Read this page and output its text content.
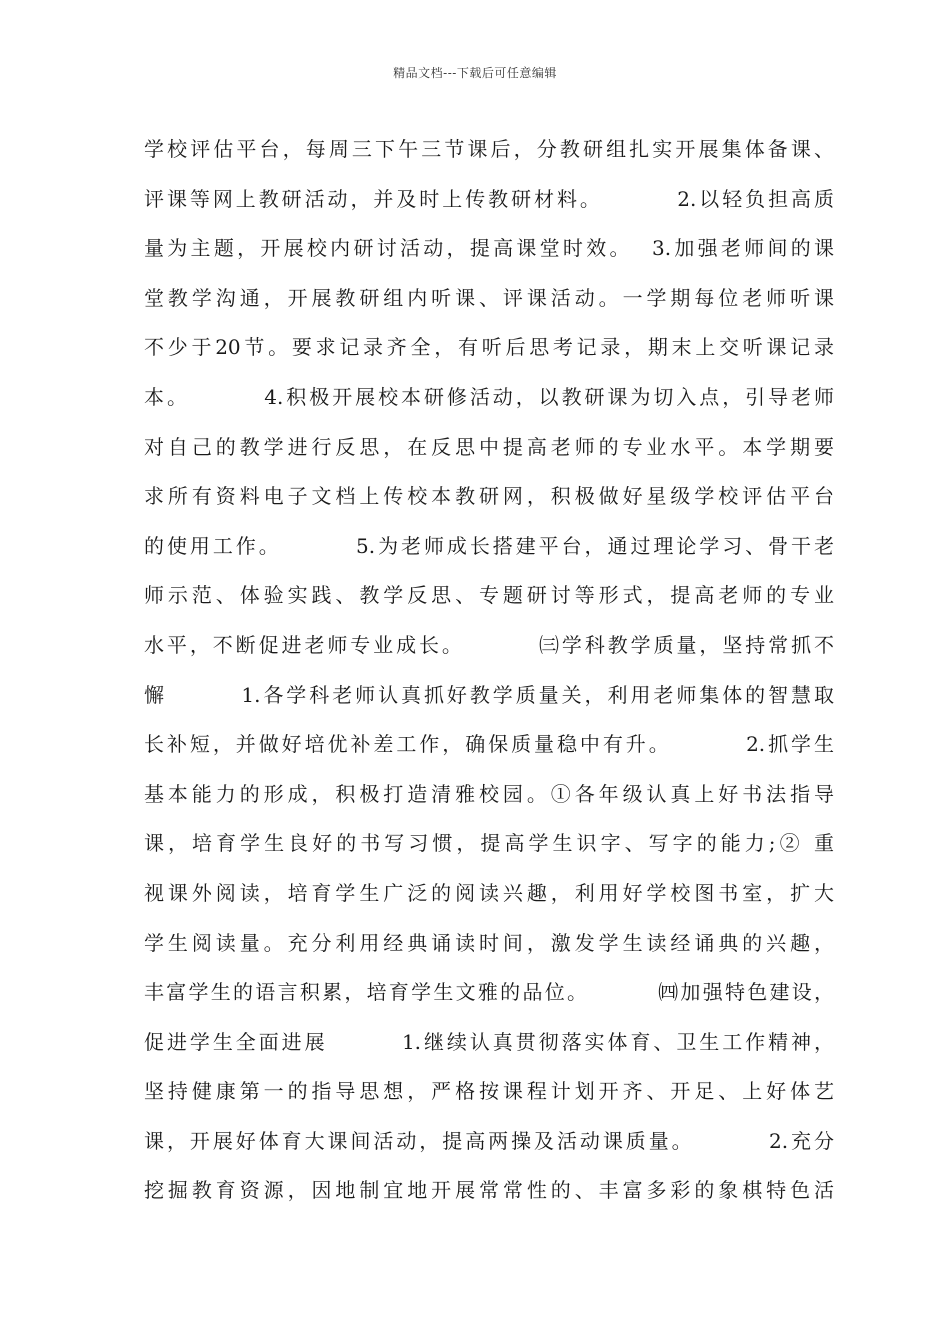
精品文档---下载后可任意编辑
学校评估平台，每周三下午三节课后，分教研组扎实开展集体备课、
评课等网上教研活动，并及时上传教研材料。        2.以轻负担高质
量为主题，开展校内研讨活动，提高课堂时效。  3.加强老师间的课
堂教学沟通，开展教研组内听课、评课活动。一学期每位老师听课
不少于20节。要求记录齐全，有听后思考记录，期末上交听课记录
本。        4.积极开展校本研修活动，以教研课为切入点，引导老师
对自己的教学进行反思，在反思中提高老师的专业水平。本学期要
求所有资料电子文档上传校本教研网，积极做好星级学校评估平台
的使用工作。        5.为老师成长搭建平台，通过理论学习、骨干老
师示范、体验实践、教学反思、专题研讨等形式，提高老师的专业
水平，不断促进老师专业成长。        ㈢学科教学质量，坚持常抓不
懈        1.各学科老师认真抓好教学质量关，利用老师集体的智慧取
长补短，并做好培优补差工作，确保质量稳中有升。        2.抓学生
基本能力的形成，积极打造清雅校园。①各年级认真上好书法指导
课，培育学生良好的书写习惯，提高学生识字、写字的能力;② 重
视课外阅读，培育学生广泛的阅读兴趣，利用好学校图书室，扩大
学生阅读量。充分利用经典诵读时间，激发学生读经诵典的兴趣，
丰富学生的语言积累，培育学生文雅的品位。        ㈣加强特色建设，
促进学生全面进展        1.继续认真贯彻落实体育、卫生工作精神，
坚持健康第一的指导思想，严格按课程计划开齐、开足、上好体艺
课，开展好体育大课间活动，提高两操及活动课质量。        2.充分
挖掘教育资源，因地制宜地开展常常性的、丰富多彩的象棋特色活
